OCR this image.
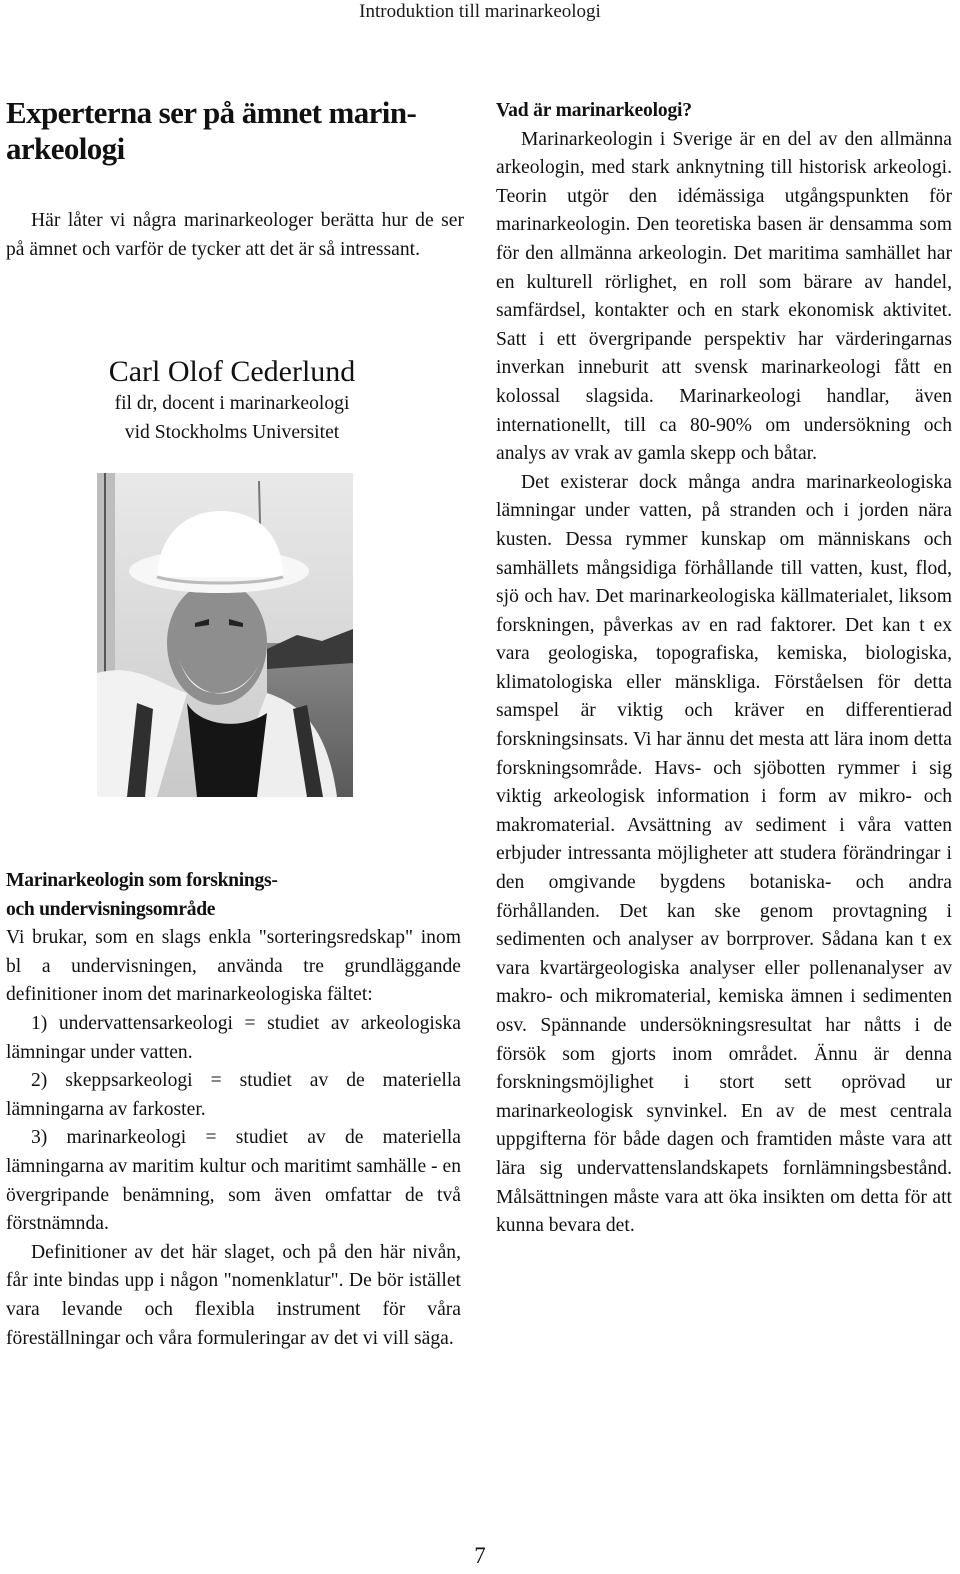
Introduktion till marinarkeologi
Experterna ser på ämnet marin-arkeologi

Här låter vi några marinarkeologer berätta hur de ser på ämnet och varför de tycker att det är så intressant.

Carl Olof Cederlund
fil dr, docent i marinarkeologi
vid Stockholms Universitet
Marinarkeologin som forsknings-
och undervisningsområde

Vi brukar, som en slags enkla "sorteringsredskap" inom bl a undervisningen, använda tre grundläggande definitioner inom det marinarkeologiska fältet:

1) undervattensarkeologi = studiet av arkeologiska lämningar under vatten.

2) skeppsarkeologi = studiet av de materiella lämningarna av farkoster.

3) marinarkeologi = studiet av de materiella lämningarna av maritim kultur och maritimt samhälle - en övergripande benämning, som även omfattar de två förstnämnda.

Definitioner av det här slaget, och på den här nivån, får inte bindas upp i någon "nomenklatur". De bör istället vara levande och flexibla instrument för våra föreställningar och våra formuleringar av det vi vill säga.

Vad är marinarkeologi?

Marinarkeologin i Sverige är en del av den allmänna arkeologin, med stark anknytning till historisk arkeologi. Teorin utgör den idémässiga utgångspunkten för marinarkeologin. Den teoretiska basen är densamma som för den allmänna arkeologin. Det maritima samhället har en kulturell rörlighet, en roll som bärare av handel, samfärdsel, kontakter och en stark ekonomisk aktivitet. Satt i ett övergripande perspektiv har värderingarnas inverkan inneburit att svensk marinarkeologi fått en kolossal slagsida. Marinarkeologi handlar, även internationellt, till ca 80-90% om undersökning och analys av vrak av gamla skepp och båtar.

Det existerar dock många andra marinarkeologiska lämningar under vatten, på stranden och i jorden nära kusten. Dessa rymmer kunskap om människans och samhällets mångsidiga förhållande till vatten, kust, flod, sjö och hav. Det marinarkeologiska källmaterialet, liksom forskningen, påverkas av en rad faktorer. Det kan t ex vara geologiska, topografiska, kemiska, biologiska, klimatologiska eller mänskliga. Förståelsen för detta samspel är viktig och kräver en differentierad forskningsinsats. Vi har ännu det mesta att lära inom detta forskningsområde. Havs- och sjöbotten rymmer i sig viktig arkeologisk information i form av mikro- och makromaterial. Avsättning av sediment i våra vatten erbjuder intressanta möjligheter att studera förändringar i den omgivande bygdens botaniska- och andra förhållanden. Det kan ske genom provtagning i sedimenten och analyser av borrprover. Sådana kan t ex vara kvartärgeologiska analyser eller pollenanalyser av makro- och mikromaterial, kemiska ämnen i sedimenten osv. Spännande undersökningsresultat har nåtts i de försök som gjorts inom området. Ännu är denna forskningsmöjlighet i stort sett oprövad ur marinarkeologisk synvinkel. En av de mest centrala uppgifterna för både dagen och framtiden måste vara att lära sig undervattenslandskapets fornlämningsbestånd. Målsättningen måste vara att öka insikten om detta för att kunna bevara det.

7
